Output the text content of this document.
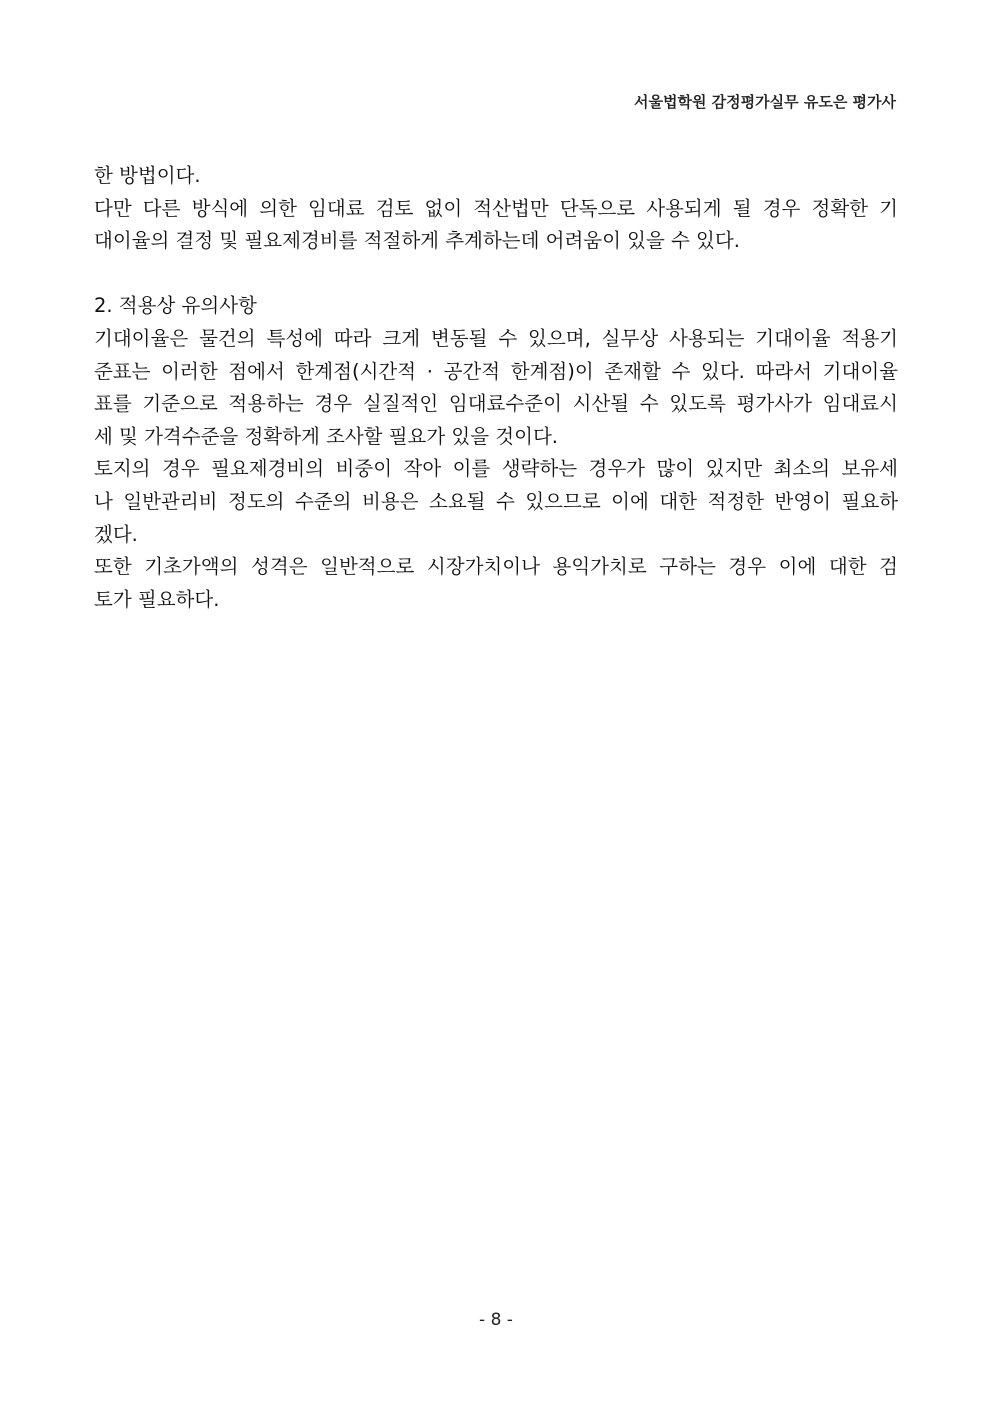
서울법학원 감정평가실무 유도은 평가사
한 방법이다.
다만 다른 방식에 의한 임대료 검토 없이 적산법만 단독으로 사용되게 될 경우 정확한 기
대이율의 결정 및 필요제경비를 적절하게 추계하는데 어려움이 있을 수 있다.
2. 적용상 유의사항
기대이율은 물건의 특성에 따라 크게 변동될 수 있으며, 실무상 사용되는 기대이율 적용기
준표는 이러한 점에서 한계점(시간적 · 공간적 한계점)이 존재할 수 있다. 따라서 기대이율
표를 기준으로 적용하는 경우 실질적인 임대료수준이 시산될 수 있도록 평가사가 임대료시
세 및 가격수준을 정확하게 조사할 필요가 있을 것이다.
토지의 경우 필요제경비의 비중이 작아 이를 생략하는 경우가 많이 있지만 최소의 보유세
나 일반관리비 정도의 수준의 비용은 소요될 수 있으므로 이에 대한 적정한 반영이 필요하
겠다.
또한 기초가액의 성격은 일반적으로 시장가치이나 용익가치로 구하는 경우 이에 대한 검
토가 필요하다.
- 8 -
